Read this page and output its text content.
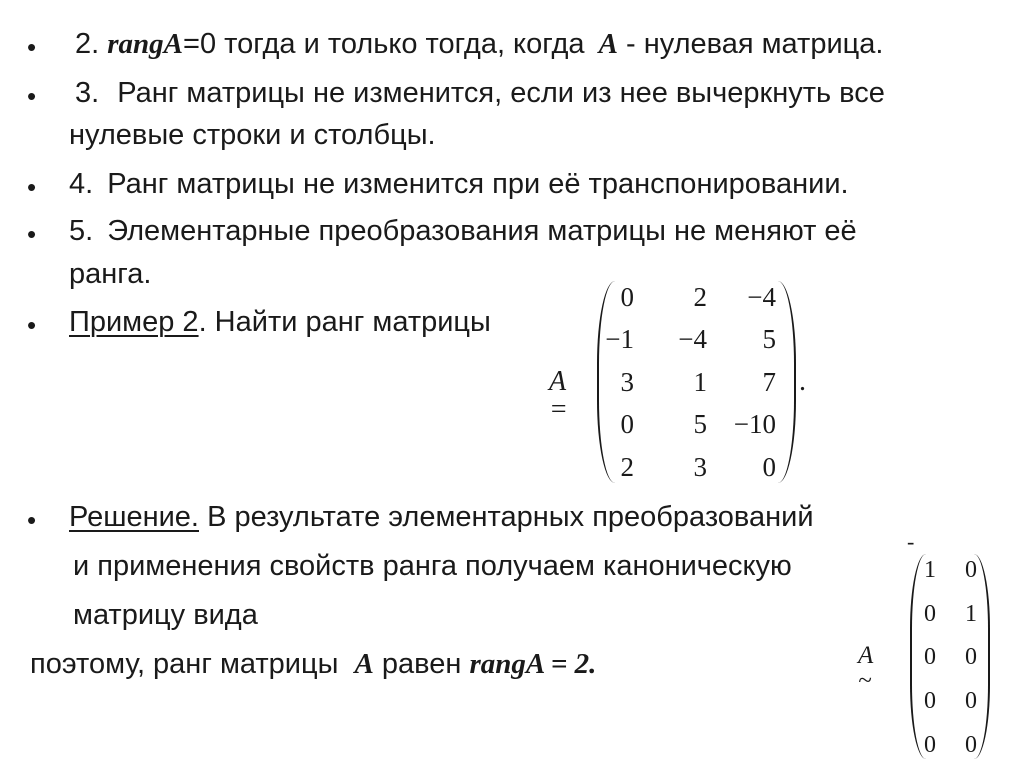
• 2. rangA=0 тогда и только тогда, когда A - нулевая матрица.
• 3. Ранг матрицы не изменится, если из нее вычеркнуть все
нулевые строки и столбцы.
• 4. Ранг матрицы не изменится при её транспонировании.
• 5. Элементарные преобразования матрицы не меняют её
ранга.
• Пример 2. Найти ранг матрицы
A =
.
0	2	−4
−1	−4	5
3	1	7
0	5 −10
2	3	0
• Решение. В результате элементарных преобразований
и применения свойств ранга получаем каноническую
матрицу вида
поэтому, ранг матрицы A равен rangA = 2.
-
A ~
1	0
0	1
0	0
0	0
0	0
